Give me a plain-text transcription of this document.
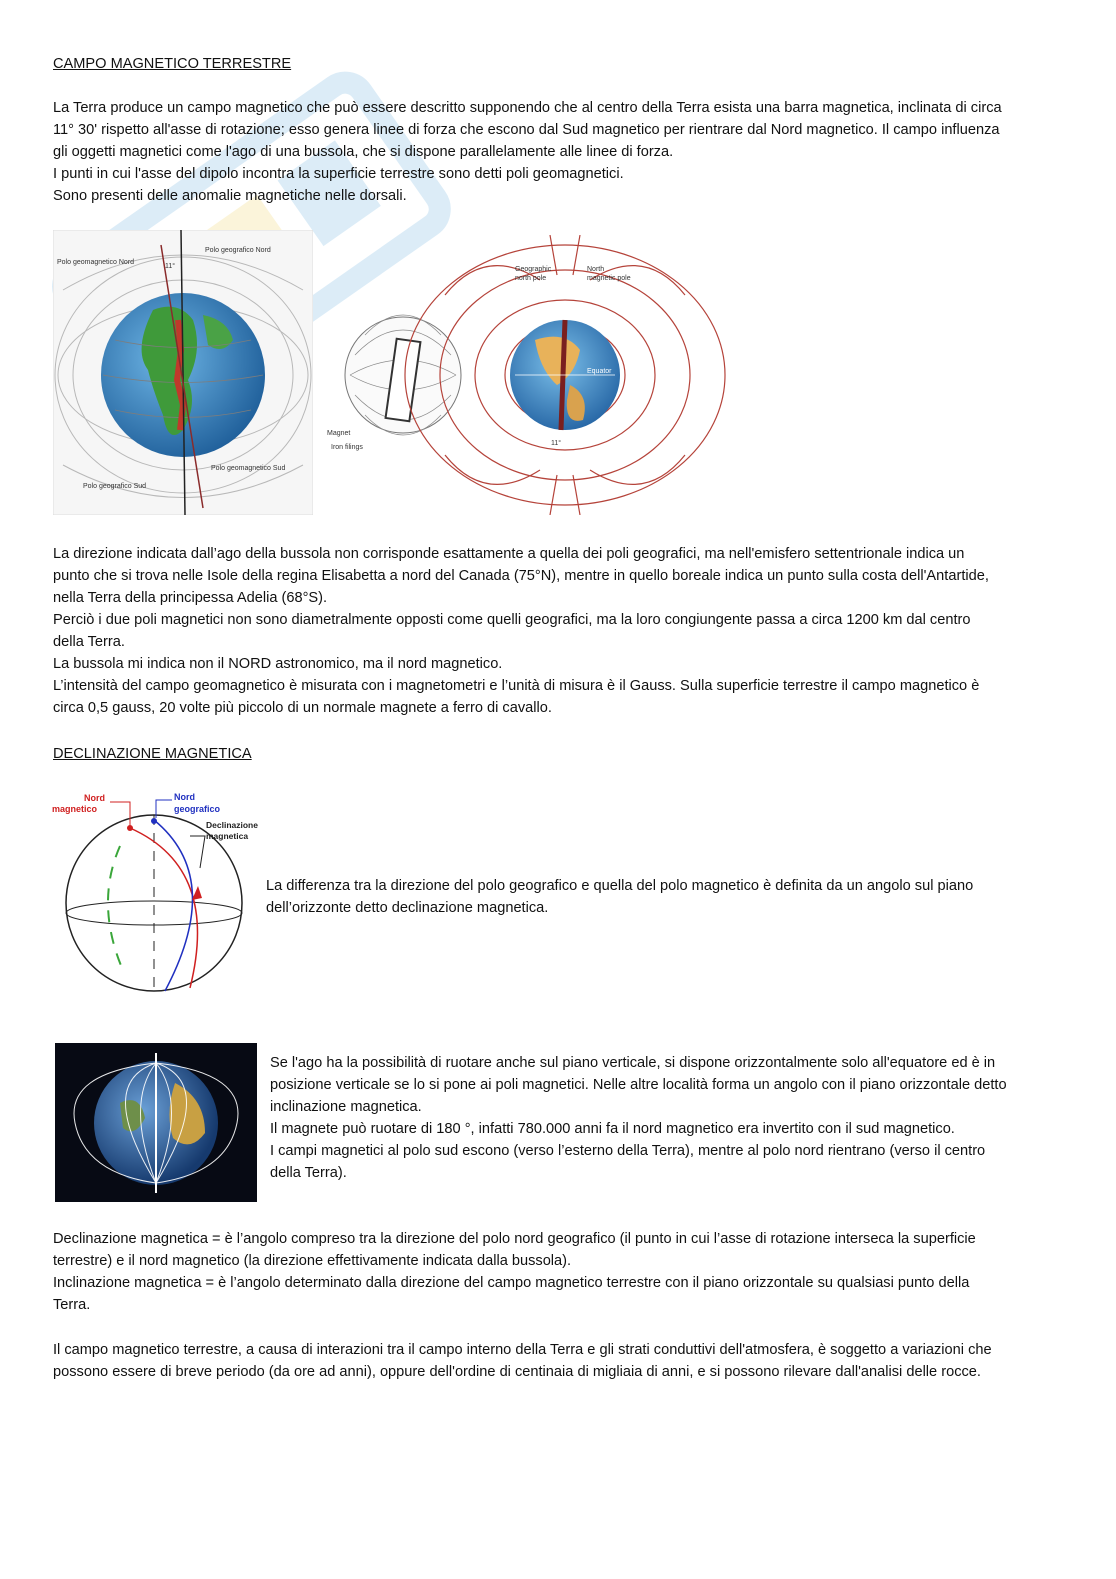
CAMPO MAGNETICO TERRESTRE

La Terra produce un campo magnetico che può essere descritto supponendo che al centro della Terra esista una barra magnetica, inclinata di circa

11° 30' rispetto all'asse di rotazione; esso genera linee di forza che escono dal Sud magnetico per rientrare dal Nord magnetico. Il campo influenza

gli oggetti magnetici come l'ago di una bussola, che si dispone parallelamente alle linee di forza.

I punti in cui l'asse del dipolo incontra la superficie terrestre sono detti poli geomagnetici.

Sono presenti delle anomalie magnetiche nelle dorsali.

Polo geomagnetico Nord
Polo geografico Nord
11°
Polo geomagnetico Sud
Polo geografico Sud
Magnet
Iron filings
Geographic
north pole
North
magnetic pole
Equator
11°

La direzione indicata dall’ago della bussola non corrisponde esattamente a quella dei poli geografici, ma nell'emisfero settentrionale indica un

punto che si trova nelle Isole della regina Elisabetta a nord del Canada (75°N), mentre in quello boreale indica un punto sulla costa dell'Antartide,

nella Terra della principessa Adelia (68°S).

Perciò i due poli magnetici non sono diametralmente opposti come quelli geografici, ma la loro congiungente passa a circa 1200 km dal centro

della Terra.

La bussola mi indica non il NORD astronomico, ma il nord magnetico.

L’intensità del campo geomagnetico è misurata con i magnetometri e l’unità di misura è il Gauss. Sulla superficie terrestre il campo magnetico è

circa 0,5 gauss, 20 volte più piccolo di un normale magnete a ferro di cavallo.

DECLINAZIONE MAGNETICA
Nord
magnetico
Nord
geografico
Declinazione
magnetica

La differenza tra la direzione del polo geografico e quella del polo magnetico è definita da un angolo sul piano

dell’orizzonte detto declinazione magnetica.

Se l'ago ha la possibilità di ruotare anche sul piano verticale, si dispone orizzontalmente solo all'equatore ed è in

posizione verticale se lo si pone ai poli magnetici. Nelle altre località forma un angolo con il piano orizzontale detto

inclinazione magnetica.

Il magnete può ruotare di 180 °, infatti 780.000 anni fa il nord magnetico era invertito con il sud magnetico.

I campi magnetici al polo sud escono (verso l’esterno della Terra), mentre al polo nord rientrano (verso il centro

della Terra).

Declinazione magnetica = è l’angolo compreso tra la direzione del polo nord geografico (il punto in cui l’asse di rotazione interseca la superficie

terrestre) e il nord magnetico (la direzione effettivamente indicata dalla bussola).

Inclinazione magnetica = è l’angolo determinato dalla direzione del campo magnetico terrestre con il piano orizzontale su qualsiasi punto della

Terra.

Il campo magnetico terrestre, a causa di interazioni tra il campo interno della Terra e gli strati conduttivi dell'atmosfera, è soggetto a variazioni che

possono essere di breve periodo (da ore ad anni), oppure dell'ordine di centinaia di migliaia di anni, e si possono rilevare dall'analisi delle rocce.
